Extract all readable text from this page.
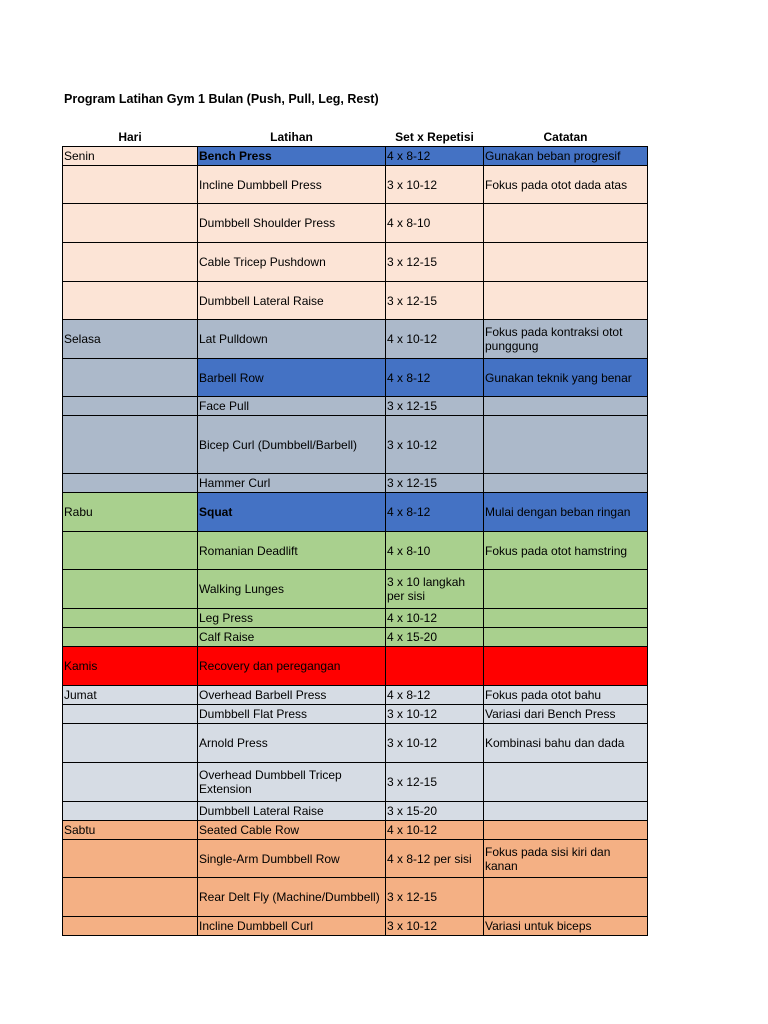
Program Latihan Gym 1 Bulan (Push, Pull, Leg, Rest)
Hari	Latihan	Set x Repetisi	Catatan
Senin	Bench Press	4 x 8-12	Gunakan beban progresif
	Incline Dumbbell Press	3 x 10-12	Fokus pada otot dada atas
	Dumbbell Shoulder Press	4 x 8-10	
	Cable Tricep Pushdown	3 x 12-15	
	Dumbbell Lateral Raise	3 x 12-15	
Selasa	Lat Pulldown	4 x 10-12	Fokus pada kontraksi otot punggung
	Barbell Row	4 x 8-12	Gunakan teknik yang benar
	Face Pull	3 x 12-15	
	Bicep Curl (Dumbbell/Barbell)	3 x 10-12	
	Hammer Curl	3 x 12-15	
Rabu	Squat	4 x 8-12	Mulai dengan beban ringan
	Romanian Deadlift	4 x 8-10	Fokus pada otot hamstring
	Walking Lunges	3 x 10 langkah per sisi	
	Leg Press	4 x 10-12	
	Calf Raise	4 x 15-20	
Kamis	Recovery dan peregangan		
Jumat	Overhead Barbell Press	4 x 8-12	Fokus pada otot bahu
	Dumbbell Flat Press	3 x 10-12	Variasi dari Bench Press
	Arnold Press	3 x 10-12	Kombinasi bahu dan dada
	Overhead Dumbbell Tricep Extension	3 x 12-15	
	Dumbbell Lateral Raise	3 x 15-20	
Sabtu	Seated Cable Row	4 x 10-12	
	Single-Arm Dumbbell Row	4 x 8-12 per sisi	Fokus pada sisi kiri dan kanan
	Rear Delt Fly (Machine/Dumbbell)	3 x 12-15	
	Incline Dumbbell Curl	3 x 10-12	Variasi untuk biceps
